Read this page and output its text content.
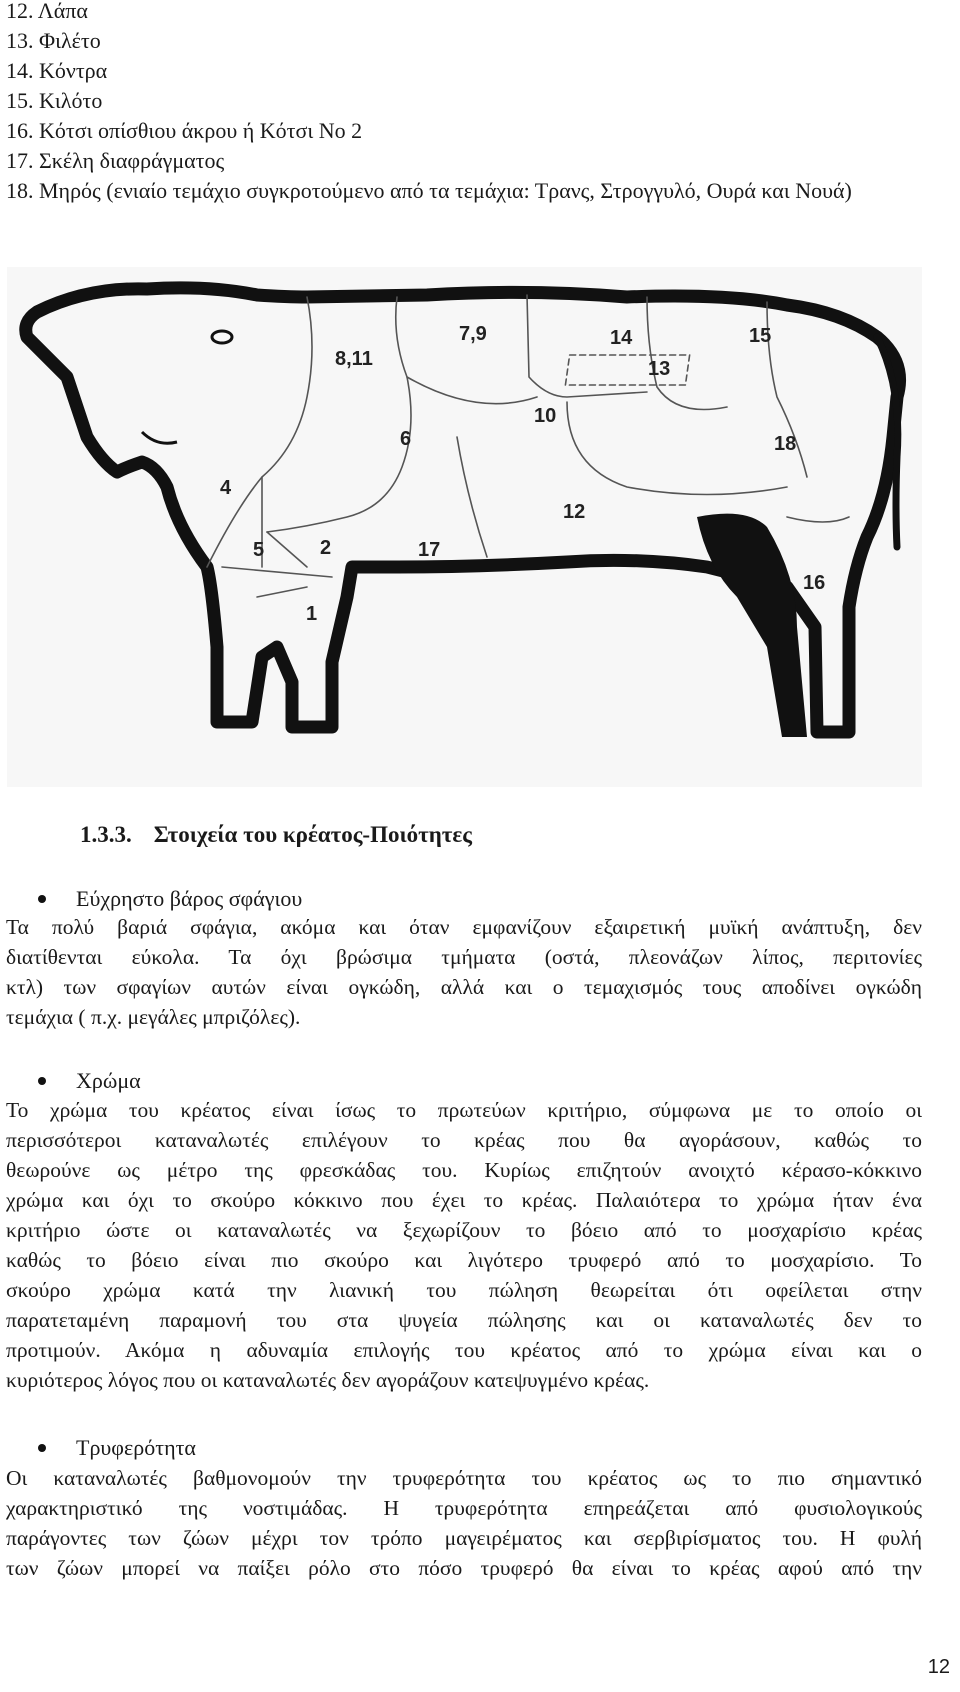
12. Λάπα
13. Φιλέτο
14. Κόντρα
15. Κιλότο
16. Κότσι οπίσθιου άκρου ή Κότσι Νο 2
17. Σκέλη διαφράγματος
18. Μηρός (ενιαίο τεμάχιο συγκροτούμενο από τα τεμάχια: Τρανς, Στρογγυλό, Ουρά και Νουά)
8,11
7,9	14
13
15
10
6	18
4
12
5	2	17
1
16
1.3.3. Στοιχεία του κρέατος-Ποιότητες
Εύχρηστο βάρος σφάγιου
Τα πολύ βαριά σφάγια, ακόμα και όταν εμφανίζουν εξαιρετική μυϊκή ανάπτυξη, δεν
διατίθενται εύκολα. Τα όχι βρώσιμα τμήματα (οστά, πλεονάζων λίπος, περιτονίες
κτλ) των σφαγίων αυτών είναι ογκώδη, αλλά και ο τεμαχισμός τους αποδίνει ογκώδη
τεμάχια ( π.χ. μεγάλες μπριζόλες).
Χρώμα
Το χρώμα του κρέατος είναι ίσως το πρωτεύων κριτήριο, σύμφωνα με το οποίο οι
περισσότεροι καταναλωτές επιλέγουν το κρέας που θα αγοράσουν, καθώς το
θεωρούνε ως μέτρο της φρεσκάδας του. Κυρίως επιζητούν ανοιχτό κέρασο-κόκκινο
χρώμα και όχι το σκούρο κόκκινο που έχει το κρέας. Παλαιότερα το χρώμα ήταν ένα
κριτήριο ώστε οι καταναλωτές να ξεχωρίζουν το βόειο από το μοσχαρίσιο κρέας
καθώς το βόειο είναι πιο σκούρο και λιγότερο τρυφερό από το μοσχαρίσιο. Το
σκούρο χρώμα κατά την λιανική του πώληση θεωρείται ότι οφείλεται στην
παρατεταμένη παραμονή του στα ψυγεία πώλησης και οι καταναλωτές δεν το
προτιμούν. Ακόμα η αδυναμία επιλογής του κρέατος από το χρώμα είναι και ο
κυριότερος λόγος που οι καταναλωτές δεν αγοράζουν κατεψυγμένο κρέας.
Τρυφερότητα
Οι καταναλωτές βαθμονομούν την τρυφερότητα του κρέατος ως το πιο σημαντικό
χαρακτηριστικό της νοστιμάδας. Η τρυφερότητα επηρεάζεται από φυσιολογικούς
παράγοντες των ζώων μέχρι τον τρόπο μαγειρέματος και σερβιρίσματος του. Η φυλή
των ζώων μπορεί να παίξει ρόλο στο πόσο τρυφερό θα είναι το κρέας αφού από την
12
